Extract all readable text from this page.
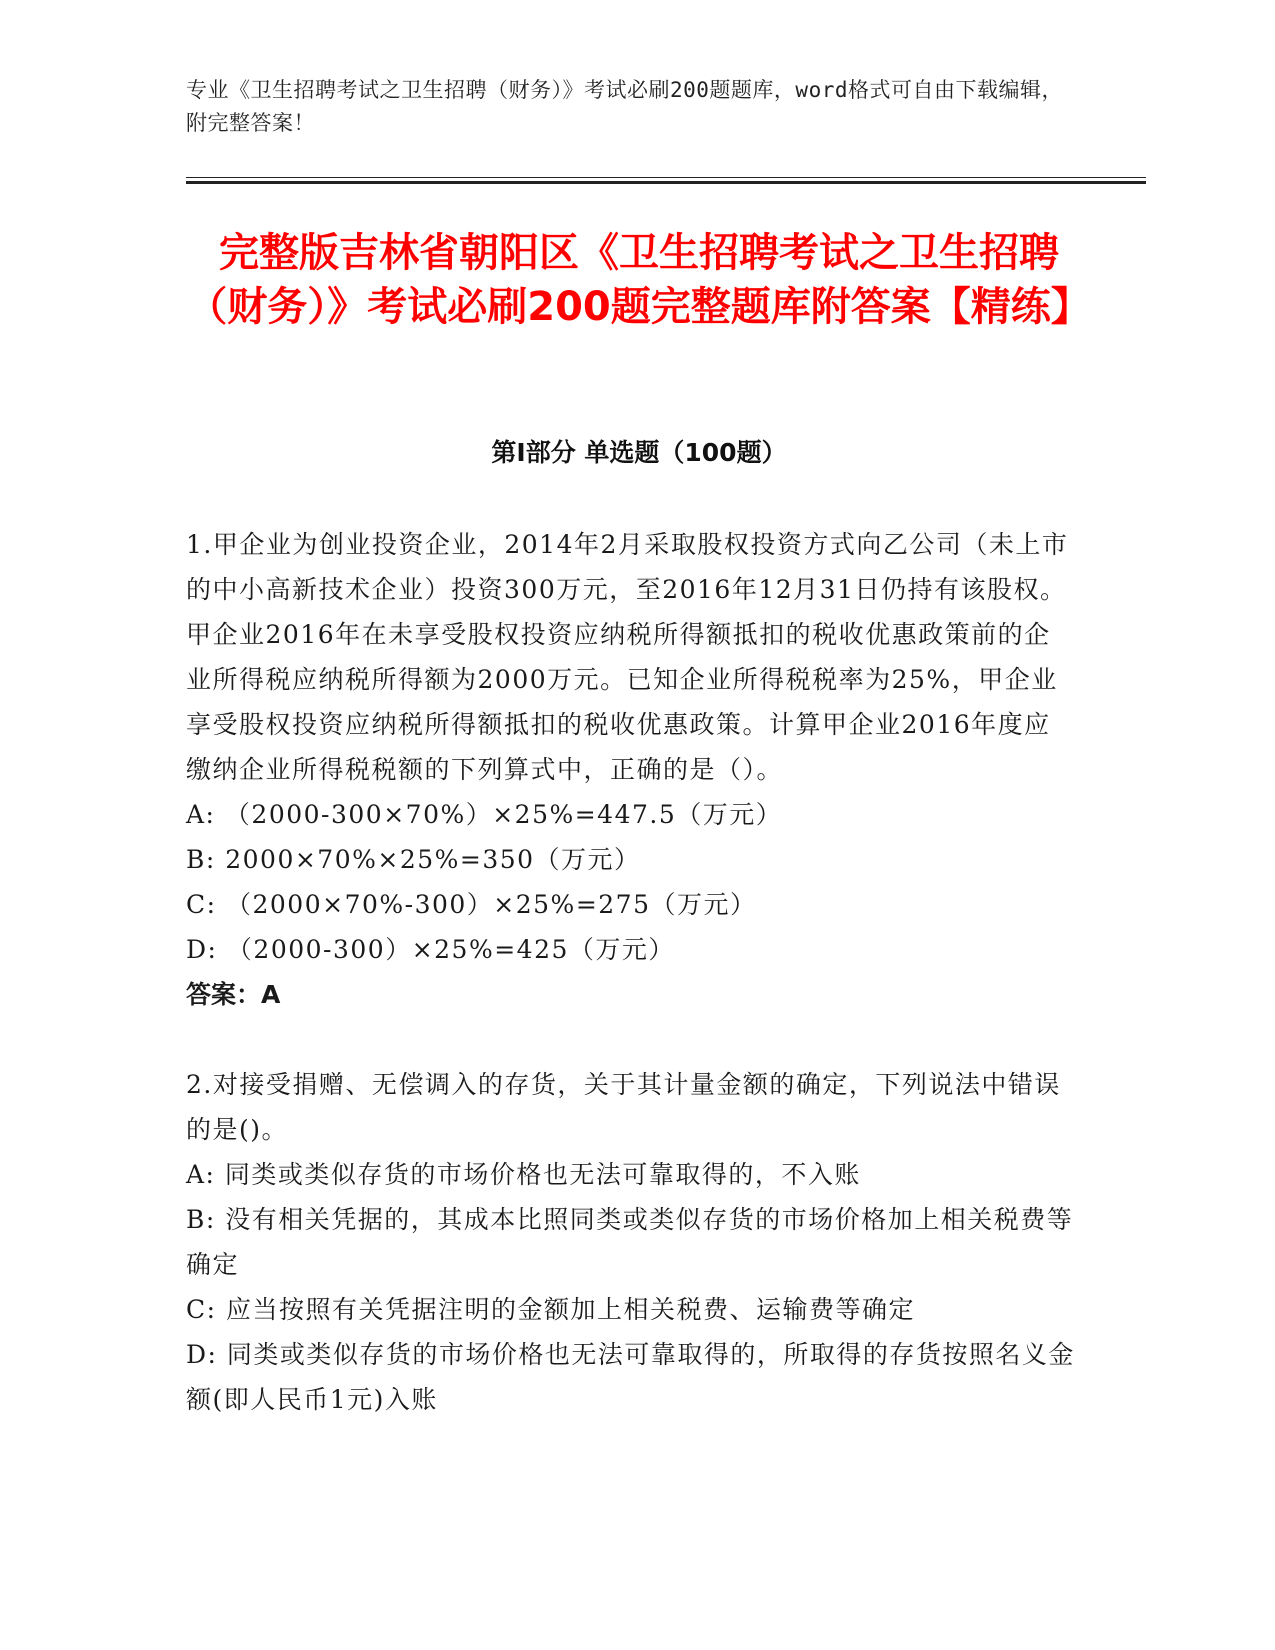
专业《卫生招聘考试之卫生招聘（财务）》考试必刷200题题库，word格式可自由下载编辑，附完整答案！

完整版吉林省朝阳区《卫生招聘考试之卫生招聘（财务）》考试必刷200题完整题库附答案【精练】
第I部分 单选题（100题）

1.甲企业为创业投资企业，2014年2月采取股权投资方式向乙公司（未上市的中小高新技术企业）投资300万元，至2016年12月31日仍持有该股权。甲企业2016年在未享受股权投资应纳税所得额抵扣的税收优惠政策前的企业所得税应纳税所得额为2000万元。已知企业所得税税率为25%，甲企业享受股权投资应纳税所得额抵扣的税收优惠政策。计算甲企业2016年度应缴纳企业所得税税额的下列算式中，正确的是（）。

A: （2000-300×70%）×25%=447.5（万元）

B: 2000×70%×25%=350（万元）

C: （2000×70%-300）×25%=275（万元）

D: （2000-300）×25%=425（万元）

答案：A

2.对接受捐赠、无偿调入的存货，关于其计量金额的确定，下列说法中错误的是()。

A: 同类或类似存货的市场价格也无法可靠取得的，不入账

B: 没有相关凭据的，其成本比照同类或类似存货的市场价格加上相关税费等确定

C: 应当按照有关凭据注明的金额加上相关税费、运输费等确定

D: 同类或类似存货的市场价格也无法可靠取得的，所取得的存货按照名义金额(即人民币1元)入账
